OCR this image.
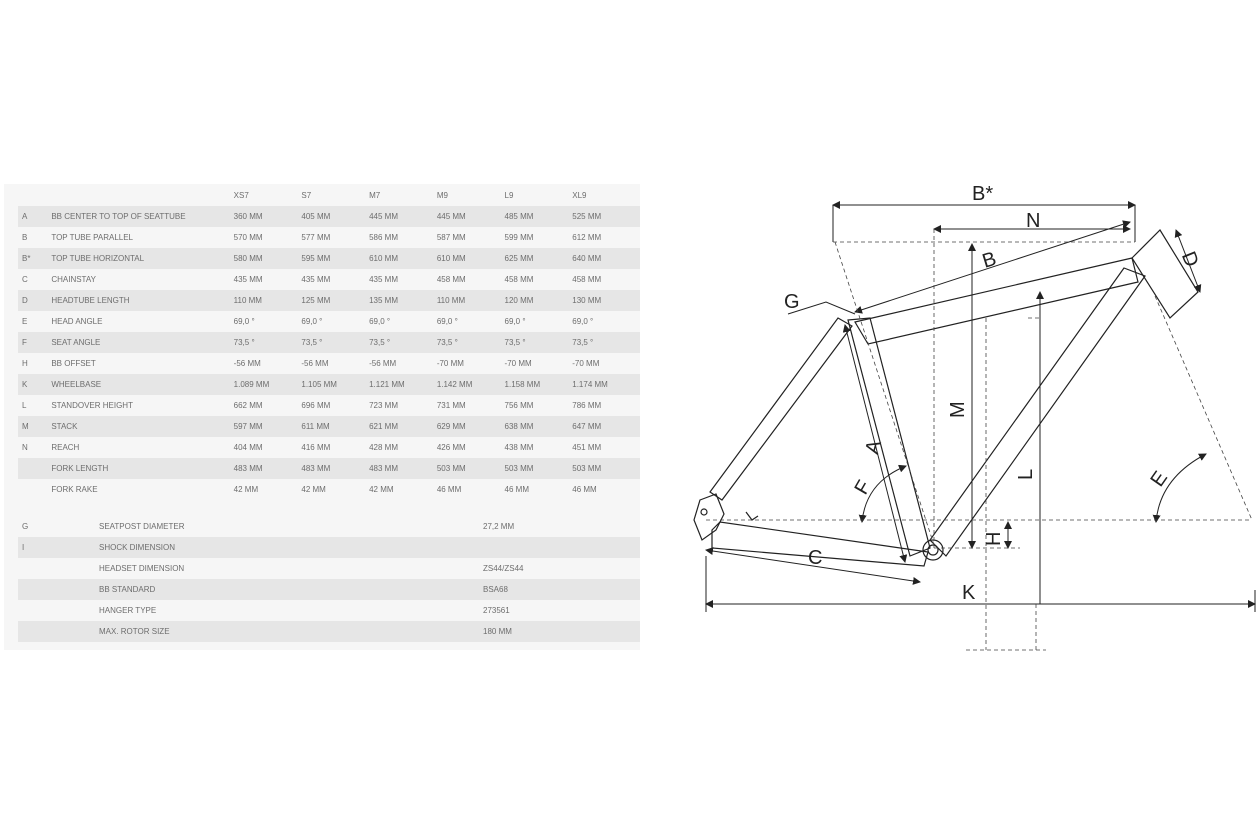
		XS7	S7	M7	M9	L9	XL9
A	BB CENTER TO TOP OF SEATTUBE	360 MM	405 MM	445 MM	445 MM	485 MM	525 MM
B	TOP TUBE PARALLEL	570 MM	577 MM	586 MM	587 MM	599 MM	612 MM
B*	TOP TUBE HORIZONTAL	580 MM	595 MM	610 MM	610 MM	625 MM	640 MM
C	CHAINSTAY	435 MM	435 MM	435 MM	458 MM	458 MM	458 MM
D	HEADTUBE LENGTH	110 MM	125 MM	135 MM	110 MM	120 MM	130 MM
E	HEAD ANGLE	69,0 °	69,0 °	69,0 °	69,0 °	69,0 °	69,0 °
F	SEAT ANGLE	73,5 °	73,5 °	73,5 °	73,5 °	73,5 °	73,5 °
H	BB OFFSET	-56 MM	-56 MM	-56 MM	-70 MM	-70 MM	-70 MM
K	WHEELBASE	1.089 MM	1.105 MM	1.121 MM	1.142 MM	1.158 MM	1.174 MM
L	STANDOVER HEIGHT	662 MM	696 MM	723 MM	731 MM	756 MM	786 MM
M	STACK	597 MM	611 MM	621 MM	629 MM	638 MM	647 MM
N	REACH	404 MM	416 MM	428 MM	426 MM	438 MM	451 MM
	FORK LENGTH	483 MM	483 MM	483 MM	503 MM	503 MM	503 MM
	FORK RAKE	42 MM	42 MM	42 MM	46 MM	46 MM	46 MM
G	SEATPOST DIAMETER	27,2 MM
I	SHOCK DIMENSION	
	HEADSET DIMENSION	ZS44/ZS44
	BB STANDARD	BSA68
	HANGER TYPE	273561
	MAX. ROTOR SIZE	180 MM
B*
N
B
G
D
M
L
A
F	E
C
H
K
